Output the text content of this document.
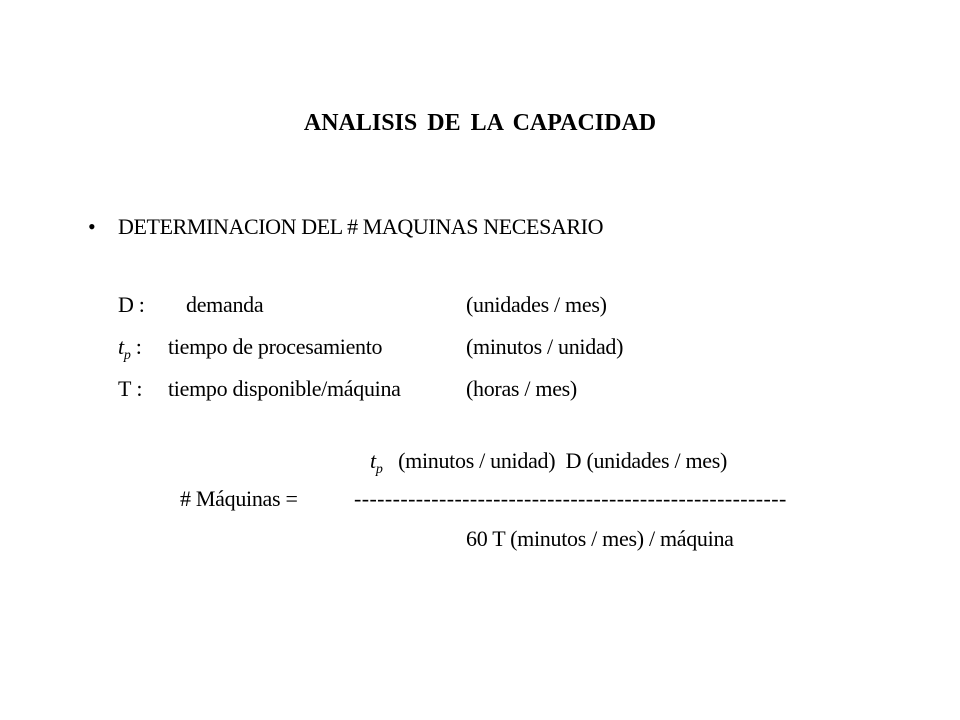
ANALISIS DE LA CAPACIDAD
• DETERMINACION DEL # MAQUINAS NECESARIO
D : demanda	(unidades / mes)
$t_p$ : tiempo de procesamiento	(minutos / unidad)
T : tiempo disponible/máquina	(horas / mes)
$t_p$ (minutos / unidad)  D (unidades / mes)
# Máquinas =	--------------------------------------------------------
60 T (minutos / mes) / máquina
